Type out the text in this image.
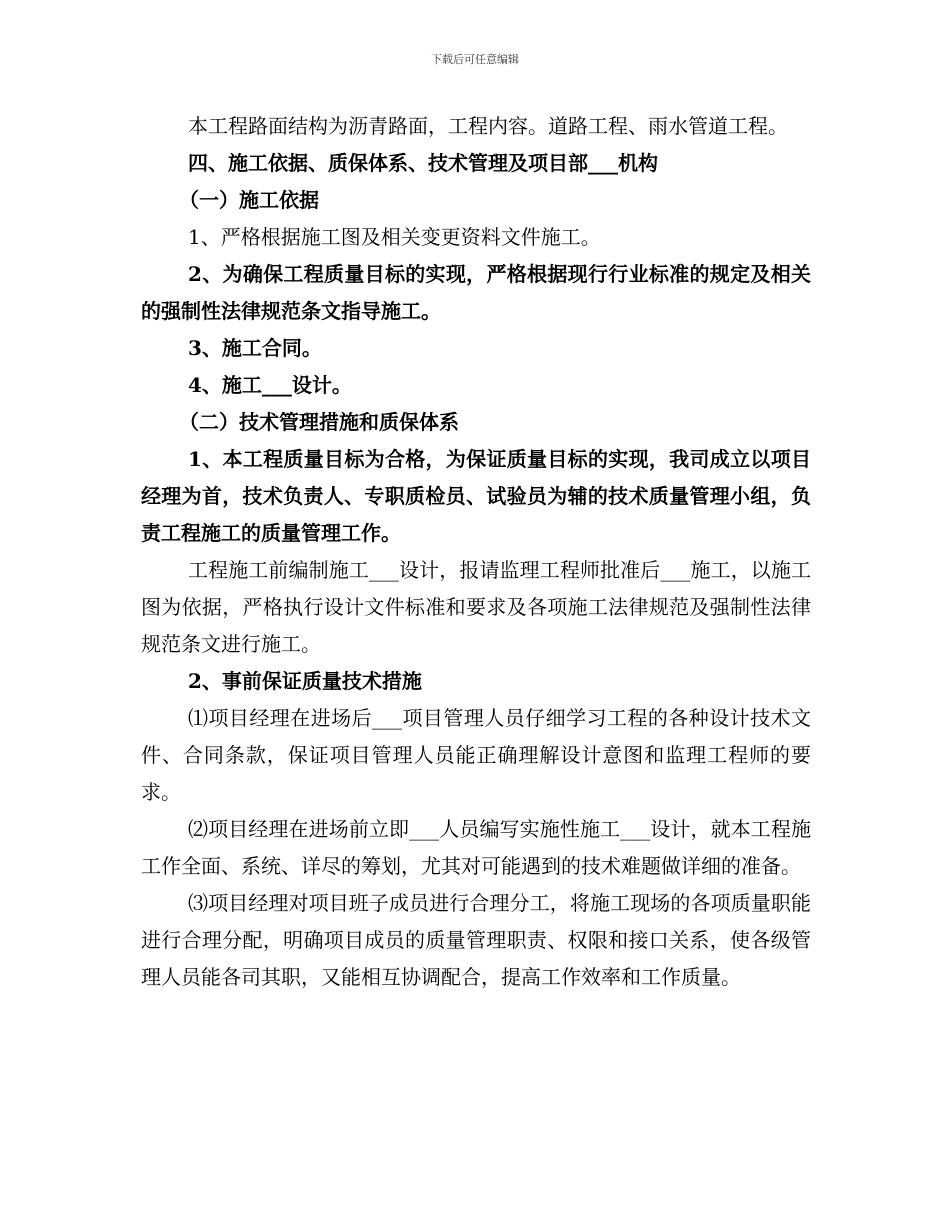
下载后可任意编辑

本工程路面结构为沥青路面，工程内容。道路工程、雨水管道工程。

四、施工依据、质保体系、技术管理及项目部___机构

（一）施工依据

1、严格根据施工图及相关变更资料文件施工。

2、为确保工程质量目标的实现，严格根据现行行业标准的规定及相关的强制性法律规范条文指导施工。

3、施工合同。

4、施工___设计。

（二）技术管理措施和质保体系

1、本工程质量目标为合格，为保证质量目标的实现，我司成立以项目经理为首，技术负责人、专职质检员、试验员为辅的技术质量管理小组，负责工程施工的质量管理工作。

工程施工前编制施工___设计，报请监理工程师批准后___施工，以施工图为依据，严格执行设计文件标准和要求及各项施工法律规范及强制性法律规范条文进行施工。

2、事前保证质量技术措施

⑴项目经理在进场后___项目管理人员仔细学习工程的各种设计技术文件、合同条款，保证项目管理人员能正确理解设计意图和监理工程师的要求。

⑵项目经理在进场前立即___人员编写实施性施工___设计，就本工程施工作全面、系统、详尽的筹划，尤其对可能遇到的技术难题做详细的准备。

⑶项目经理对项目班子成员进行合理分工，将施工现场的各项质量职能进行合理分配，明确项目成员的质量管理职责、权限和接口关系，使各级管理人员能各司其职，又能相互协调配合，提高工作效率和工作质量。
